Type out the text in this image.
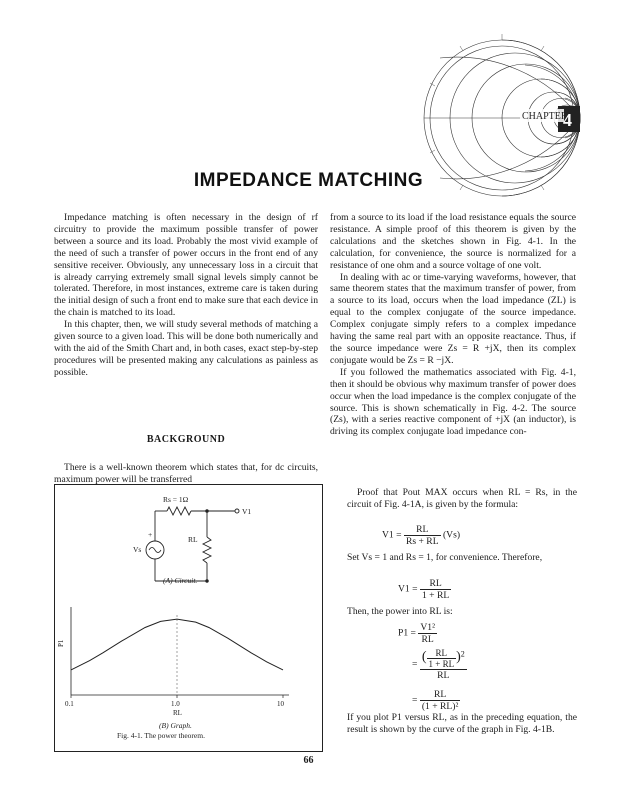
CHAPTER
4
IMPEDANCE MATCHING

Impedance matching is often necessary in the design of rf circuitry to provide the maximum possible transfer of power between a source and its load. Probably the most vivid example of the need of such a transfer of power occurs in the front end of any sensitive receiver. Obviously, any unnecessary loss in a circuit that is already carrying extremely small signal levels simply cannot be tolerated. Therefore, in most instances, extreme care is taken during the initial design of such a front end to make sure that each device in the chain is matched to its load.

In this chapter, then, we will study several methods of matching a given source to a given load. This will be done both numerically and with the aid of the Smith Chart and, in both cases, exact step-by-step procedures will be presented making any calculations as painless as possible.

BACKGROUND

There is a well-known theorem which states that, for dc circuits, maximum power will be transferred

from a source to its load if the load resistance equals the source resistance. A simple proof of this theorem is given by the calculations and the sketches shown in Fig. 4-1. In the calculation, for convenience, the source is normalized for a resistance of one ohm and a source voltage of one volt.

In dealing with ac or time-varying waveforms, however, that same theorem states that the maximum transfer of power, from a source to its load, occurs when the load impedance (ZL) is equal to the complex conjugate of the source impedance. Complex conjugate simply refers to a complex impedance having the same real part with an opposite reactance. Thus, if the source impedance were Zs = R +jX, then its complex conjugate would be Zs = R −jX.

If you followed the mathematics associated with Fig. 4-1, then it should be obvious why maximum transfer of power does occur when the load impedance is the complex conjugate of the source. This is shown schematically in Fig. 4-2. The source (Zs), with a series reactive component of +jX (an inductor), is driving its complex conjugate load impedance con-

Rs = 1Ω
V1
Vs
+
RL
(A) Circuit.
0.1	1.0	10
P1
RL
(B) Graph.
Fig. 4-1. The power theorem.

Proof that Pout MAX occurs when RL = Rs, in the circuit of Fig. 4-1A, is given by the formula:

$V1 = \frac{RL}{Rs + RL} (Vs)$
Set Vs = 1 and Rs = 1, for convenience. Therefore,
$V1 = \frac{RL}{1 + RL}$
Then, the power into RL is:
$P1 = \frac{\text{V1²}}{RL}$
= $\frac{( \frac{RL}{1 + RL} )^2}{RL}$
= $\frac{RL}{\text{(1 + RL)²}}$
If you plot P1 versus RL, as in the preceding equation, the result is shown by the curve of the graph in Fig. 4-1B.
66
